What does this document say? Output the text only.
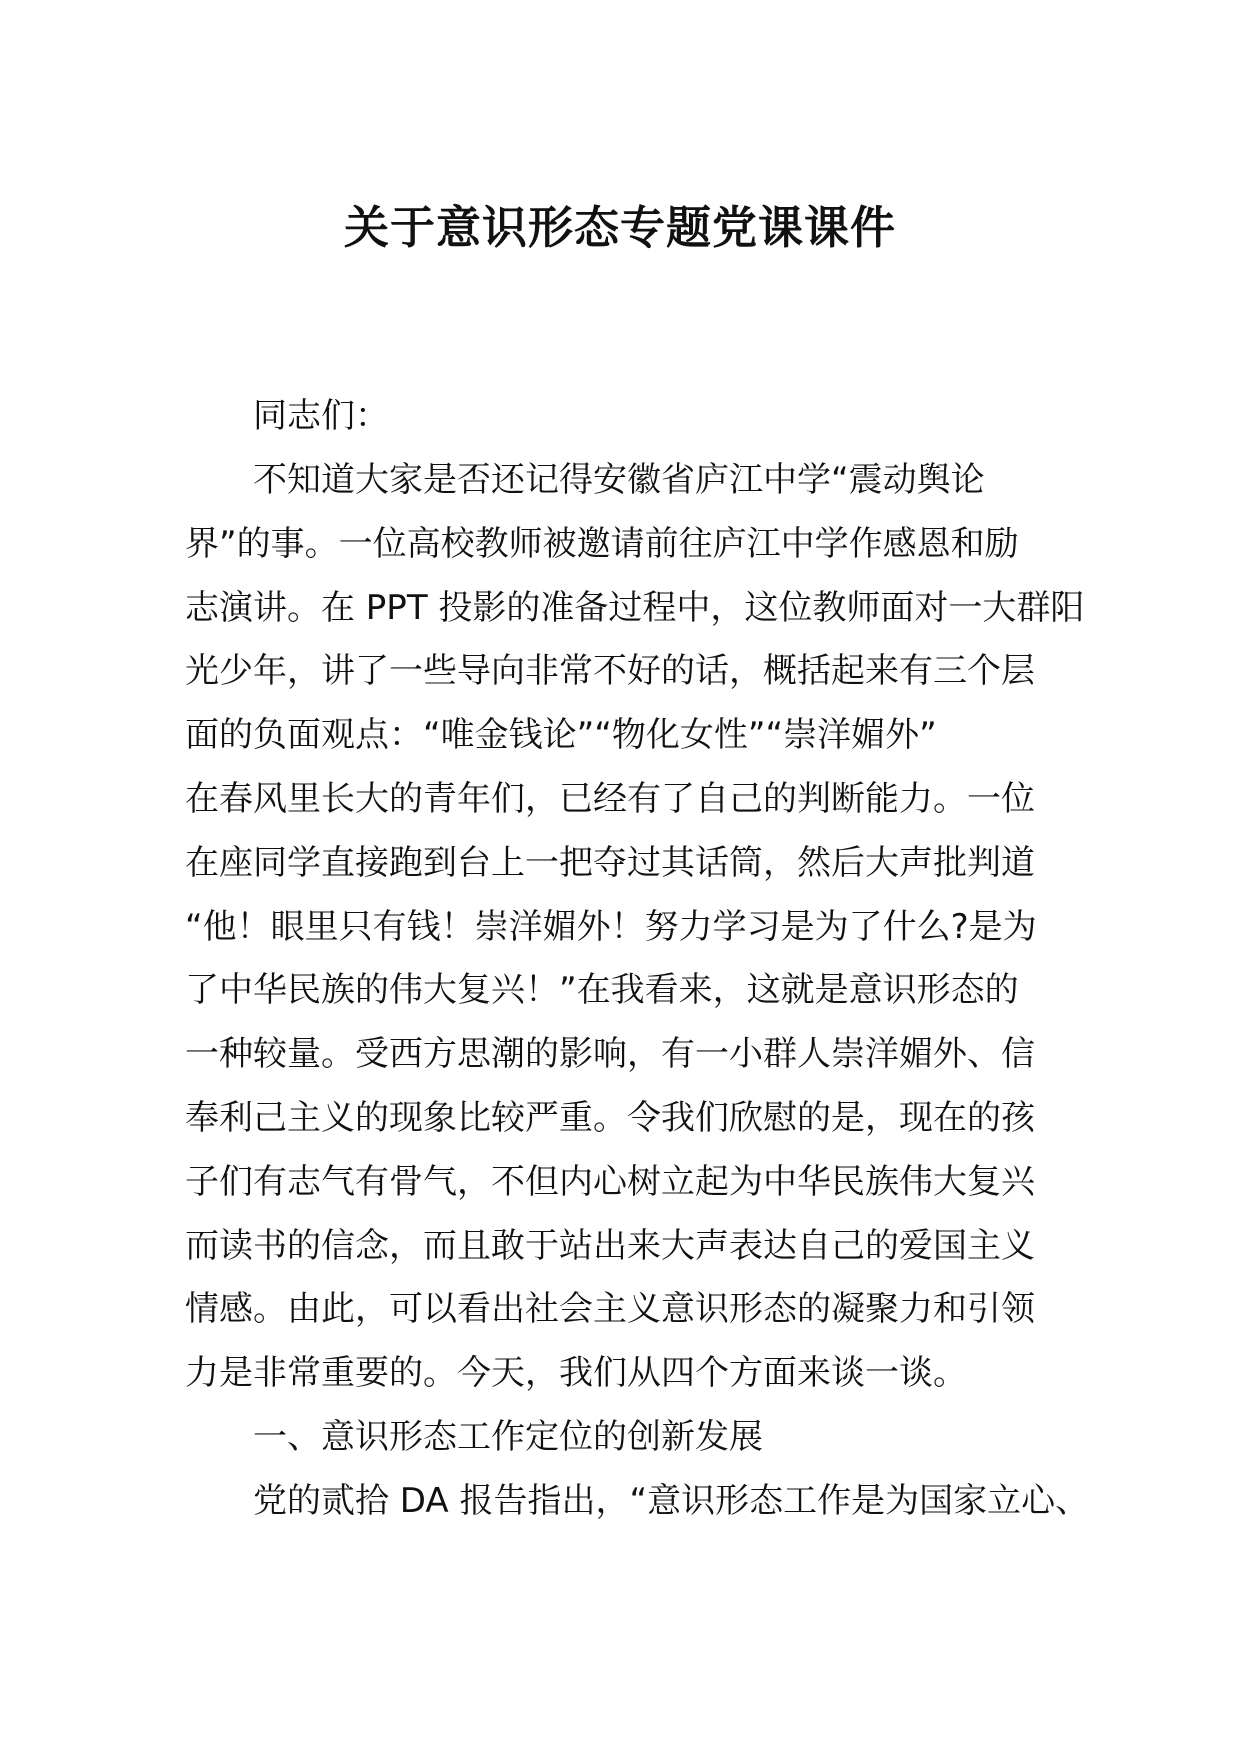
关于意识形态专题党课课件
同志们：
不知道大家是否还记得安徽省庐江中学“震动舆论
界”的事。一位高校教师被邀请前往庐江中学作感恩和励
志演讲。在 PPT 投影的准备过程中，这位教师面对一大群阳
光少年，讲了一些导向非常不好的话，概括起来有三个层
面的负面观点：“唯金钱论”“物化女性”“崇洋媚外”
在春风里长大的青年们，已经有了自己的判断能力。一位
在座同学直接跑到台上一把夺过其话筒，然后大声批判道
“他！眼里只有钱！崇洋媚外！努力学习是为了什么?是为
了中华民族的伟大复兴！”在我看来，这就是意识形态的
一种较量。受西方思潮的影响，有一小群人崇洋媚外、信
奉利己主义的现象比较严重。令我们欣慰的是，现在的孩
子们有志气有骨气，不但内心树立起为中华民族伟大复兴
而读书的信念，而且敢于站出来大声表达自己的爱国主义
情感。由此，可以看出社会主义意识形态的凝聚力和引领
力是非常重要的。今天，我们从四个方面来谈一谈。
一、意识形态工作定位的创新发展
党的贰拾 DA 报告指出，“意识形态工作是为国家立心、
